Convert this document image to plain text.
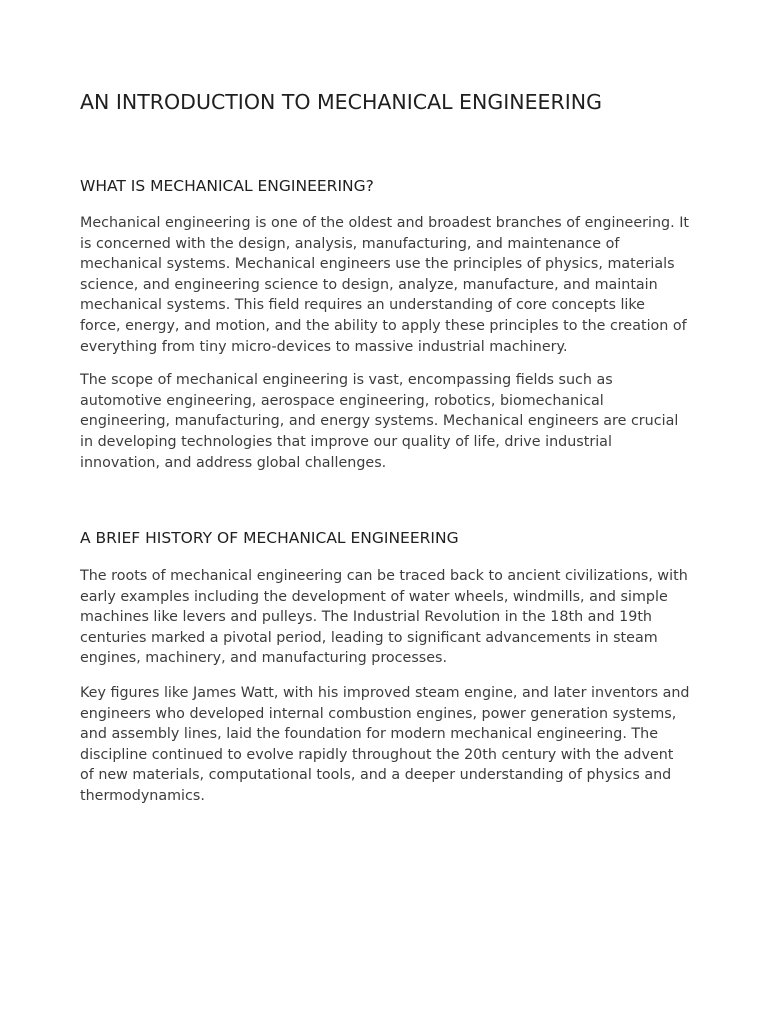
AN INTRODUCTION TO MECHANICAL ENGINEERING
WHAT IS MECHANICAL ENGINEERING?

Mechanical engineering is one of the oldest and broadest branches of engineering. It is concerned with the design, analysis, manufacturing, and maintenance of mechanical systems. Mechanical engineers use the principles of physics, materials science, and engineering science to design, analyze, manufacture, and maintain mechanical systems. This field requires an understanding of core concepts like force, energy, and motion, and the ability to apply these principles to the creation of everything from tiny micro-devices to massive industrial machinery.

The scope of mechanical engineering is vast, encompassing fields such as automotive engineering, aerospace engineering, robotics, biomechanical engineering, manufacturing, and energy systems. Mechanical engineers are crucial in developing technologies that improve our quality of life, drive industrial innovation, and address global challenges.

A BRIEF HISTORY OF MECHANICAL ENGINEERING

The roots of mechanical engineering can be traced back to ancient civilizations, with early examples including the development of water wheels, windmills, and simple machines like levers and pulleys. The Industrial Revolution in the 18th and 19th centuries marked a pivotal period, leading to significant advancements in steam engines, machinery, and manufacturing processes.

Key figures like James Watt, with his improved steam engine, and later inventors and engineers who developed internal combustion engines, power generation systems, and assembly lines, laid the foundation for modern mechanical engineering. The discipline continued to evolve rapidly throughout the 20th century with the advent of new materials, computational tools, and a deeper understanding of physics and thermodynamics.
